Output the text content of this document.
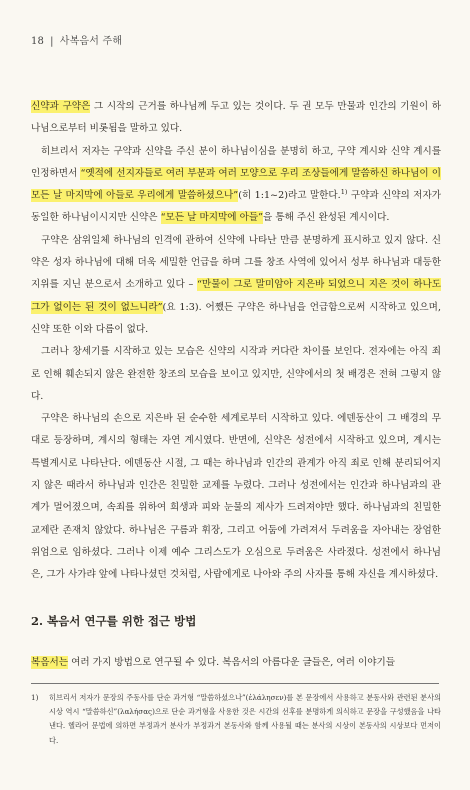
18 | 사복음서 주해

신약과 구약은 그 시작의 근거를 하나님께 두고 있는 것이다. 두 권 모두 만물과 인간의 기원이 하나님으로부터 비롯됨을 말하고 있다.

히브리서 저자는 구약과 신약을 주신 분이 하나님이심을 분명히 하고, 구약 계시와 신약 계시를 인정하면서 “옛적에 선지자들로 여러 부분과 여러 모양으로 우리 조상들에게 말씀하신 하나님이 이 모든 날 마지막에 아들로 우리에게 말씀하셨으나”(히 1:1~2)라고 말한다.$^{1)}$ 구약과 신약의 저자가 동일한 하나님이시지만 신약은 “모든 날 마지막에 아들”을 통해 주신 완성된 계시이다.

구약은 삼위일체 하나님의 인격에 관하여 신약에 나타난 만큼 분명하게 표시하고 있지 않다. 신약은 성자 하나님에 대해 더욱 세밀한 언급을 하며 그를 창조 사역에 있어서 성부 하나님과 대등한 지위를 지닌 분으로서 소개하고 있다 – “만물이 그로 말미암아 지은바 되었으니 지은 것이 하나도 그가 없이는 된 것이 없느니라”(요 1:3). 어쨌든 구약은 하나님을 언급함으로써 시작하고 있으며, 신약 또한 이와 다름이 없다.

그러나 창세기를 시작하고 있는 모습은 신약의 시작과 커다란 차이를 보인다. 전자에는 아직 죄로 인해 훼손되지 않은 완전한 창조의 모습을 보이고 있지만, 신약에서의 첫 배경은 전혀 그렇지 않다.

구약은 하나님의 손으로 지은바 된 순수한 세계로부터 시작하고 있다. 에덴동산이 그 배경의 무대로 등장하며, 계시의 형태는 자연 계시였다. 반면에, 신약은 성전에서 시작하고 있으며, 계시는 특별계시로 나타난다. 에덴동산 시절, 그 때는 하나님과 인간의 관계가 아직 죄로 인해 분리되어지지 않은 때라서 하나님과 인간은 친밀한 교제를 누렸다. 그러나 성전에서는 인간과 하나님과의 관계가 멀어졌으며, 속죄를 위하여 희생과 피와 눈물의 제사가 드려져야만 했다. 하나님과의 친밀한 교제란 존재치 않았다. 하나님은 구름과 휘장, 그리고 어둠에 가려져서 두려움을 자아내는 장엄한 위엄으로 임하셨다. 그러나 이제 예수 그리스도가 오심으로 두려움은 사라졌다. 성전에서 하나님은, 그가 사가랴 앞에 나타나셨던 것처럼, 사랍에게로 나아와 주의 사자를 통해 자신을 계시하셨다.

2. 복음서 연구를 위한 접근 방법
복음서는 여러 가지 방법으로 연구될 수 있다. 복음서의 아름다운 글들은, 여러 이야기들
1)	히브리서 저자가 문장의 주동사를 단순 과거형 “말씀하셨으나”(ἐλάλησεν)를 본 문장에서 사용하고 분동사와 관련된 분사의 시상 역시 “말씀하신”(λαλήσας)으로 단순 과거형을 사용한 것은 시간의 선후를 분명하게 의식하고 문장을 구성했음을 나타낸다. 헬라어 문법에 의하면 부정과거 분사가 부정과거 본동사와 함께 사용될 때는 분사의 시상이 본동사의 시상보다 먼저이다.
